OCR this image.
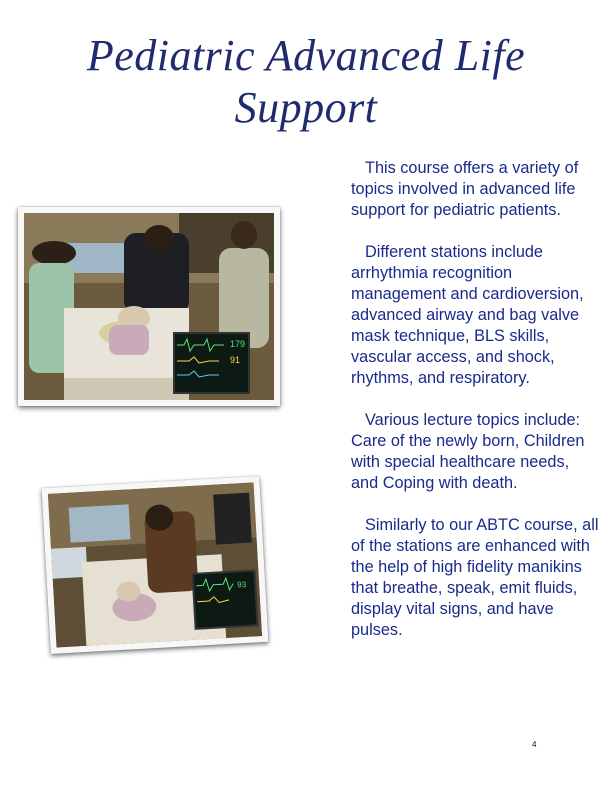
Pediatric Advanced Life
Support
179
91
93

This course offers a variety of topics involved in advanced life support for pediatric patients.

Different stations include arrhythmia recognition management and cardioversion, advanced airway and bag valve mask technique, BLS skills, vascular access, and shock, rhythms, and respiratory.

Various lecture topics include: Care of the newly born, Children with special healthcare needs, and Coping with death.

Similarly to our ABTC course, all of the stations are enhanced with the help of high fidelity manikins that breathe, speak, emit fluids, display vital signs, and have pulses.

4
